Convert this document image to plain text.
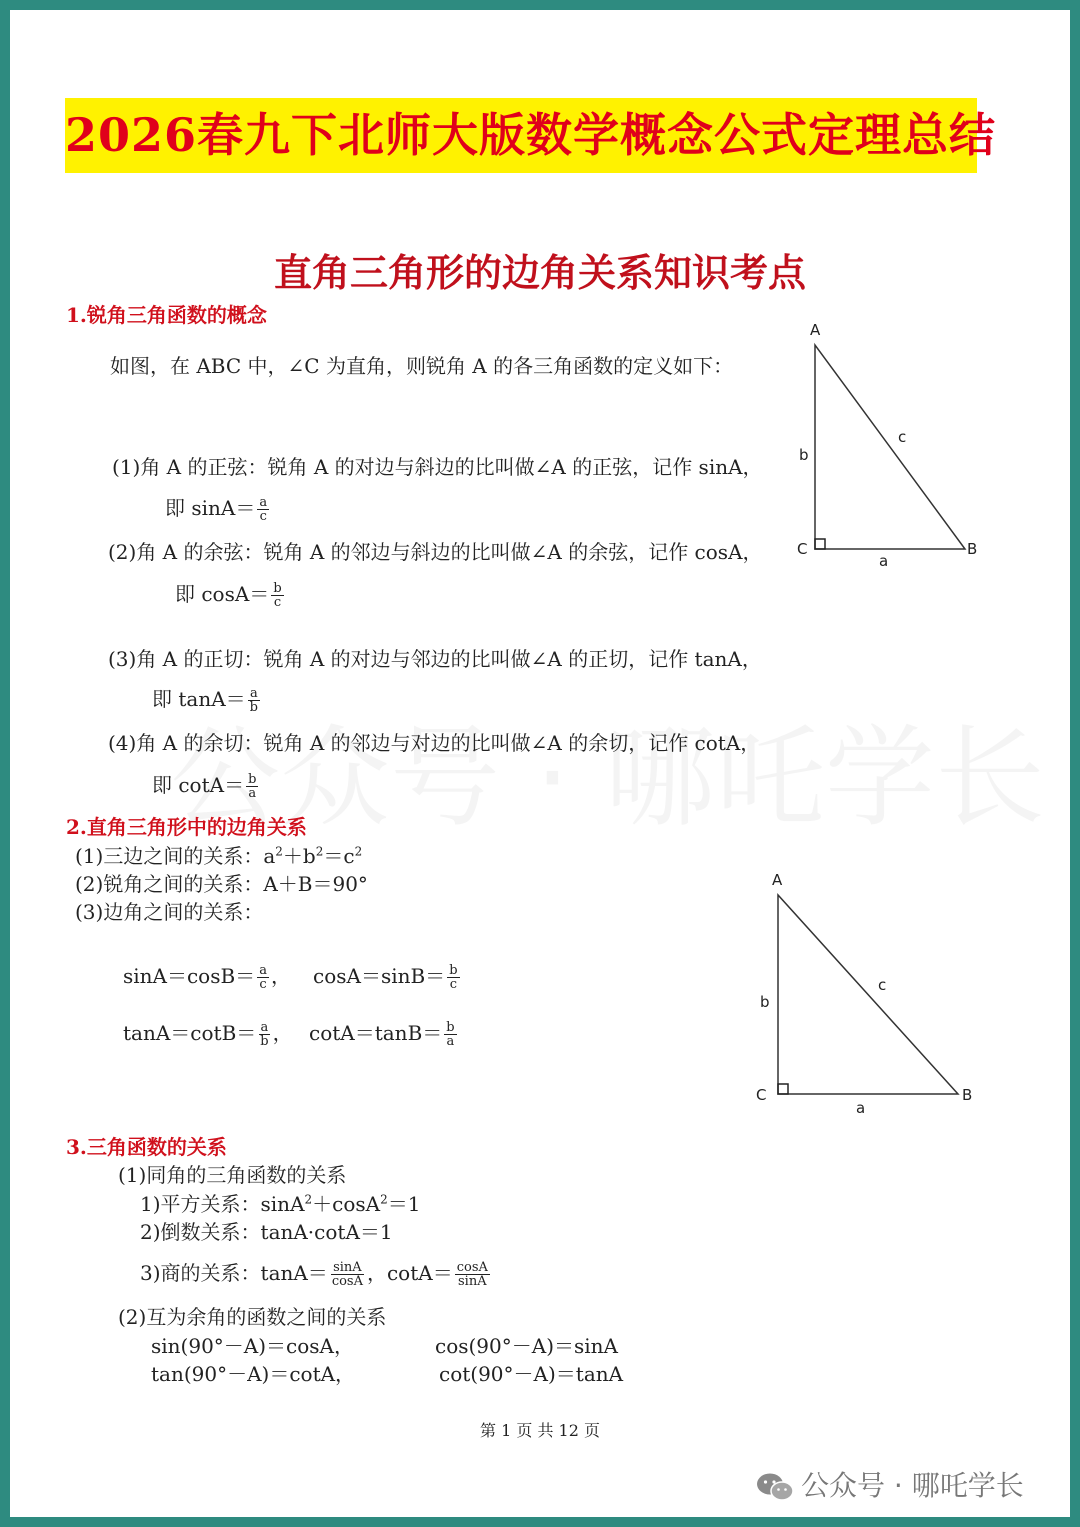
2026春九下北师大版数学概念公式定理总结
直角三角形的边角关系知识考点
1.锐角三角函数的概念
如图，在 ABC 中，∠C 为直角，则锐角 A 的各三角函数的定义如下：
(1)角 A 的正弦：锐角 A 的对边与斜边的比叫做∠A 的正弦，记作 sinA，
即 $\sin A= \frac{a}{c}$
(2)角 A 的余弦：锐角 A 的邻边与斜边的比叫做∠A 的余弦，记作 cosA，
即 $\cos A= \frac{b}{c}$
(3)角 A 的正切：锐角 A 的对边与邻边的比叫做∠A 的正切，记作 tanA，
即 $\tan A= \frac{a}{b}$
(4)角 A 的余切：锐角 A 的邻边与对边的比叫做∠A 的余切，记作 cotA，
即 $\cot A= \frac{b}{a}$
A
C	B
b
c
a
2.直角三角形中的边角关系
(1)三边之间的关系：$a^2+b^2=c^2$
(2)锐角之间的关系：A＋B＝90°
(3)边角之间的关系：
$\sin A=\cos B= \frac{a}{c}$ ， $\cos A=\sin B= \frac{b}{c}$
$\tan A=\cot B= \frac{a}{b}$ ， $\cot A=\tan B= \frac{b}{a}$
A
C	B
b
c
a
3.三角函数的关系
(1)同角的三角函数的关系
1)平方关系：sinA$^2$＋cosA$^2$＝1
2)倒数关系：tanA·cotA＝1
3)商的关系：$\tan A= \frac{\sin A}{\cos A}$ ，$\cot A= \frac{\cos A}{\sin A}$
(2)互为余角的函数之间的关系
sin(90°－A)＝cosA，	cos(90°－A)＝sinA
tan(90°－A)＝cotA，	cot(90°－A)＝tanA
第 1 页 共 12 页
公众号 · 哪吒学长
